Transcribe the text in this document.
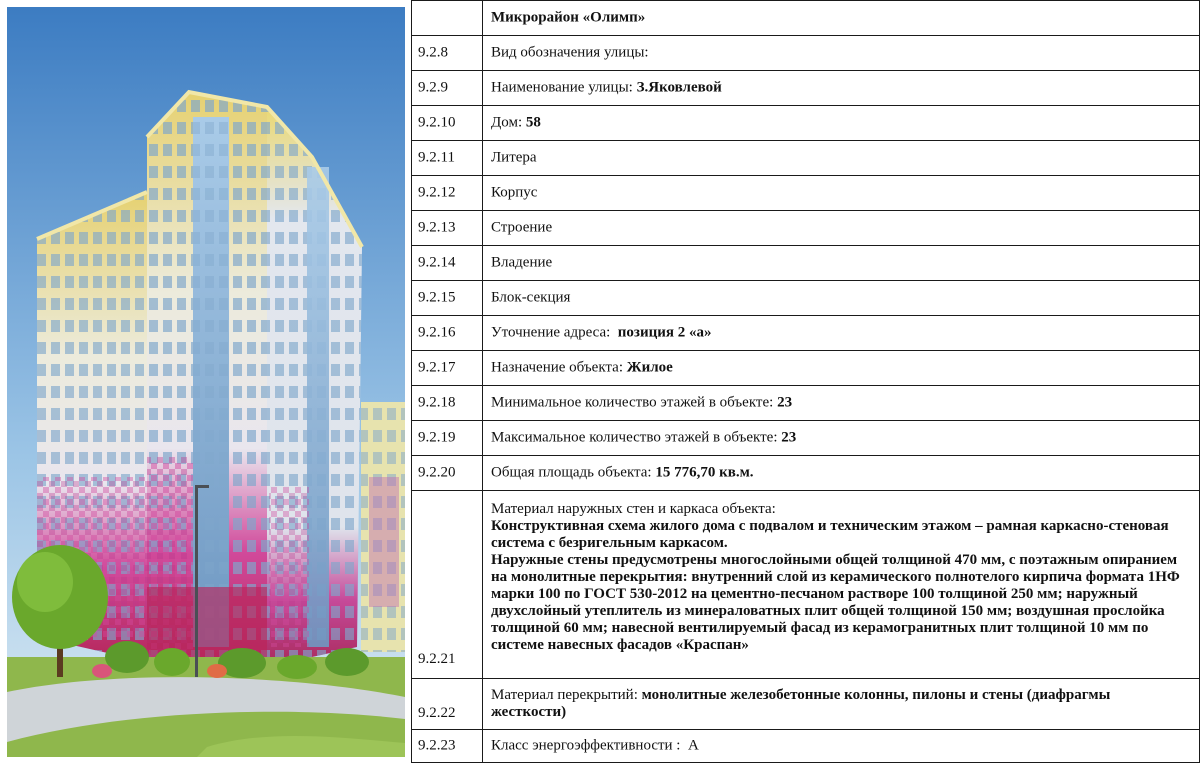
Микрорайон «Олимп»
9.2.8	Вид обозначения улицы:
9.2.9	Наименование улицы: З.Яковлевой
9.2.10 Дом: 58
9.2.11 Литера
9.2.12 Корпус
9.2.13 Строение
9.2.14 Владение
9.2.15 Блок-секция
9.2.16 Уточнение адреса:  позиция 2 «а»
9.2.17 Назначение объекта: Жилое
9.2.18 Минимальное количество этажей в объекте: 23
9.2.19 Максимальное количество этажей в объекте: 23
9.2.20 Общая площадь объекта: 15 776,70 кв.м.
9.2.21
Материал наружных стен и каркаса объекта:
Конструктивная схема жилого дома с подвалом и техническим этажом – рамная каркасно-стеновая система с безригельным каркасом.
Наружные стены предусмотрены многослойными общей толщиной 470 мм, с поэтажным опиранием на монолитные перекрытия: внутренний слой из керамического полнотелого кирпича формата 1НФ марки 100 по ГОСТ 530-2012 на цементно-песчаном растворе 100 толщиной 250 мм; наружный двухслойный утеплитель из минераловатных плит общей толщиной 150 мм; воздушная прослойка толщиной 60 мм; навесной вентилируемый фасад из керамогранитных плит толщиной 10 мм по системе навесных фасадов «Краспан»
9.2.22
Материал перекрытий: монолитные железобетонные колонны, пилоны и стены (диафрагмы жесткости)
9.2.23 Класс энергоэффективности :  А
